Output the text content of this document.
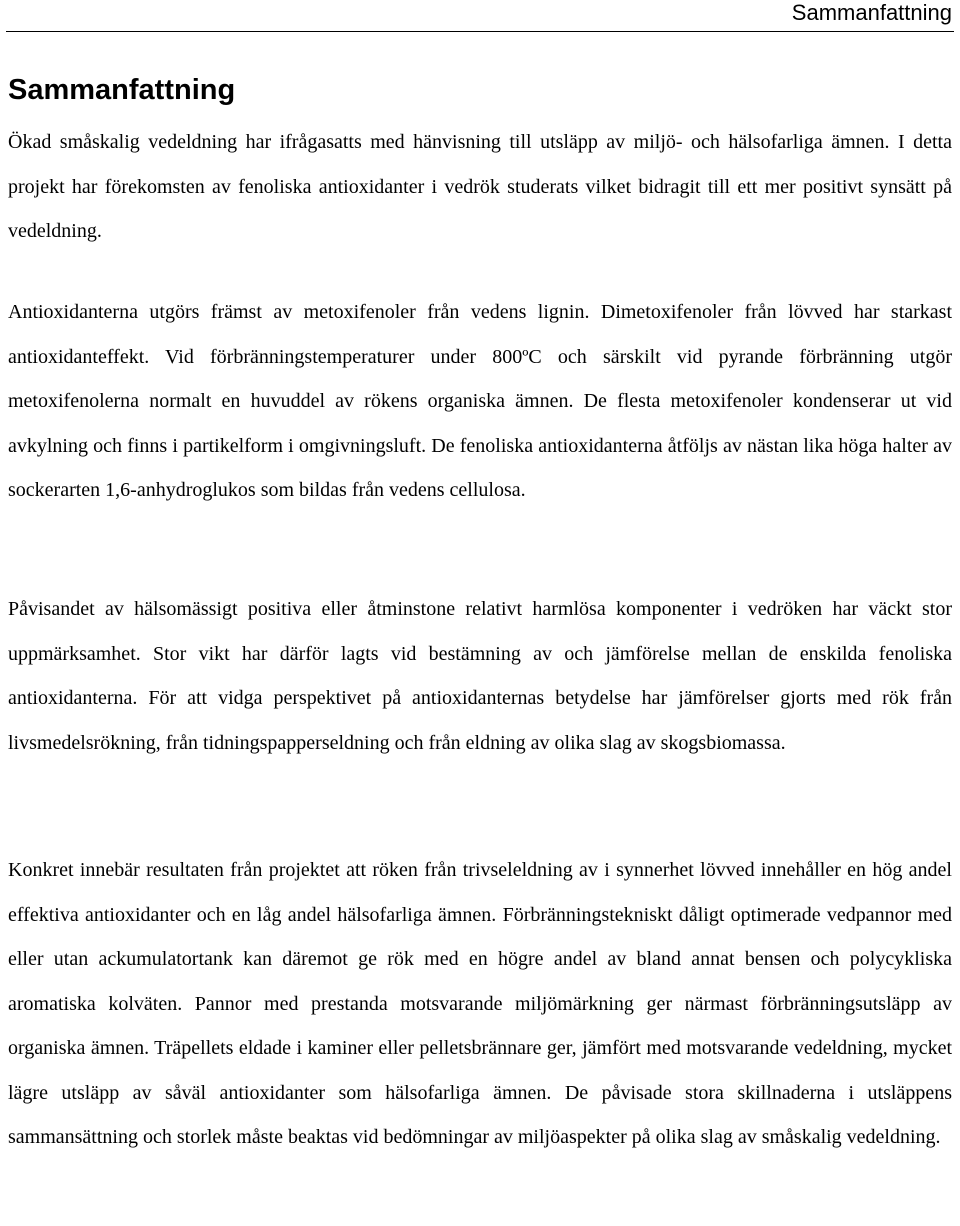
Sammanfattning
Sammanfattning

Ökad småskalig vedeldning har ifrågasatts med hänvisning till utsläpp av miljö- och hälsofarliga ämnen. I detta projekt har förekomsten av fenoliska antioxidanter i vedrök studerats vilket bidragit till ett mer positivt synsätt på vedeldning.

Antioxidanterna utgörs främst av metoxifenoler från vedens lignin. Dimetoxifenoler från lövved har starkast antioxidanteffekt. Vid förbränningstemperaturer under 800ºC och särskilt vid pyrande förbränning utgör metoxifenolerna normalt en huvuddel av rökens organiska ämnen. De flesta metoxifenoler kondenserar ut vid avkylning och finns i partikelform i omgivningsluft. De fenoliska antioxidanterna åtföljs av nästan lika höga halter av sockerarten 1,6-anhydroglukos som bildas från vedens cellulosa.

Påvisandet av hälsomässigt positiva eller åtminstone relativt harmlösa komponenter i vedröken har väckt stor uppmärksamhet. Stor vikt har därför lagts vid bestämning av och jämförelse mellan de enskilda fenoliska antioxidanterna. För att vidga perspektivet på antioxidanternas betydelse har jämförelser gjorts med rök från livsmedelsrökning, från tidningspapperseldning och från eldning av olika slag av skogsbiomassa.

Konkret innebär resultaten från projektet att röken från trivseleldning av i synnerhet lövved innehåller en hög andel effektiva antioxidanter och en låg andel hälsofarliga ämnen. Förbränningstekniskt dåligt optimerade vedpannor med eller utan ackumulatortank kan däremot ge rök med en högre andel av bland annat bensen och polycykliska aromatiska kolväten. Pannor med prestanda motsvarande miljömärkning ger närmast förbränningsutsläpp av organiska ämnen. Träpellets eldade i kaminer eller pelletsbrännare ger, jämfört med motsvarande vedeldning, mycket lägre utsläpp av såväl antioxidanter som hälsofarliga ämnen. De påvisade stora skillnaderna i utsläppens sammansättning och storlek måste beaktas vid bedömningar av miljöaspekter på olika slag av småskalig vedeldning.
